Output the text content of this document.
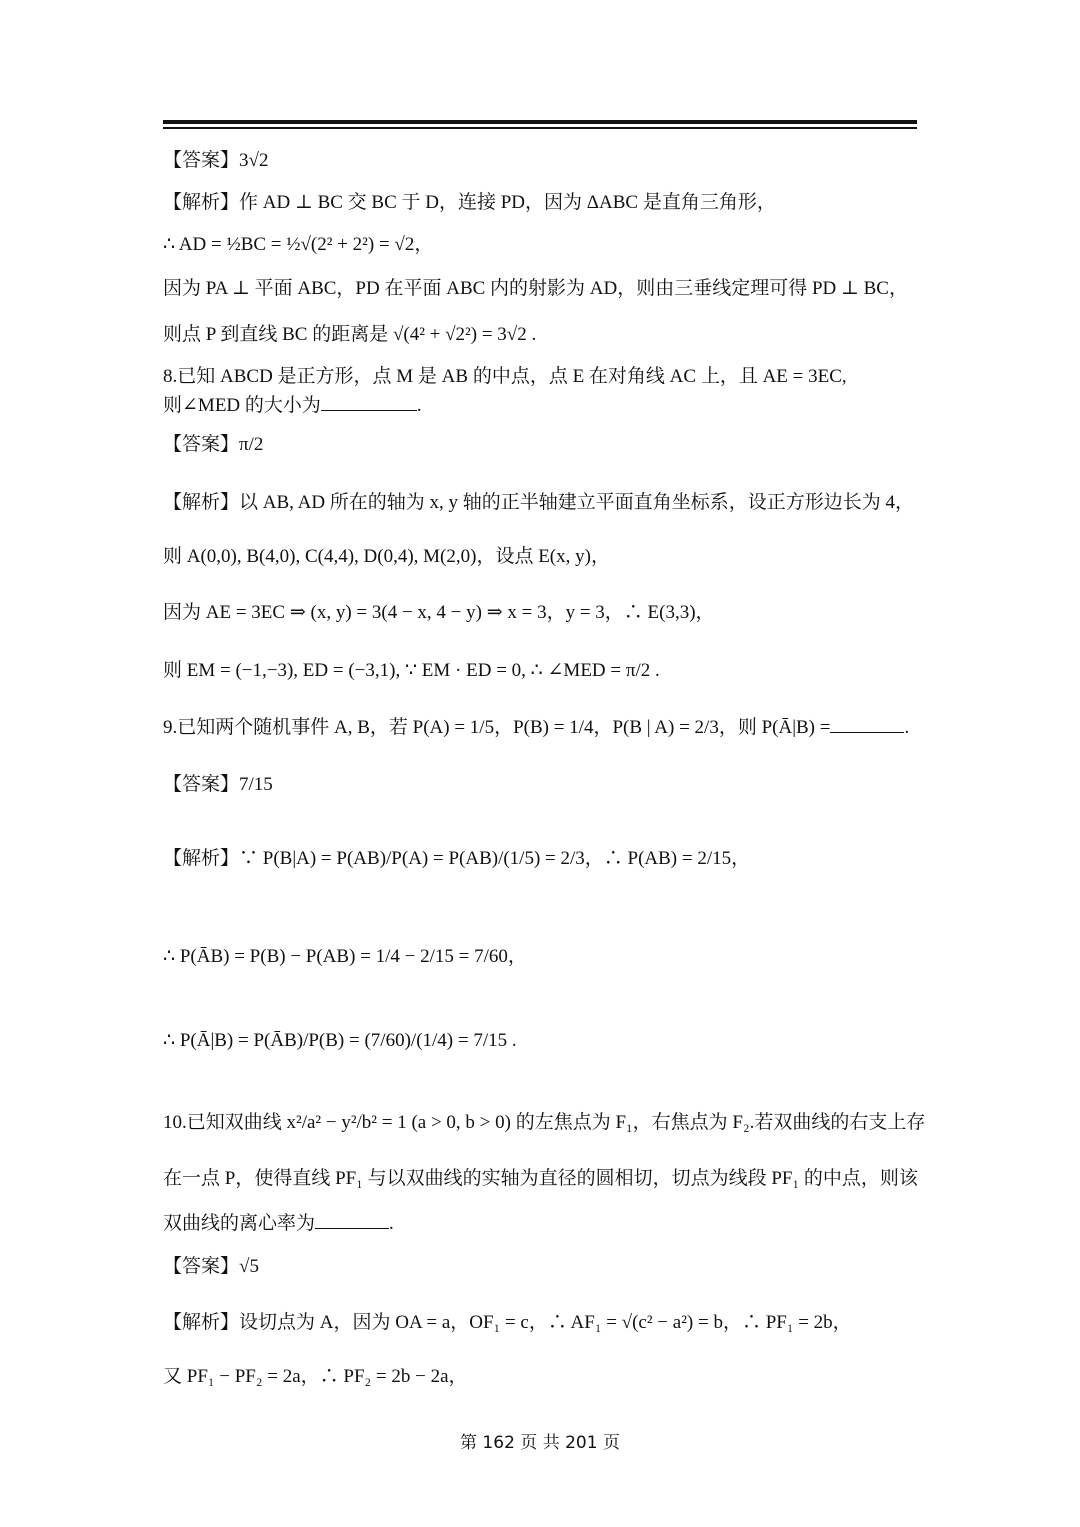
【答案】3√2
【解析】作 AD ⊥ BC 交 BC 于 D，连接 PD，因为 ΔABC 是直角三角形，
∴ AD = ½BC = ½√(2² + 2²) = √2，
因为 PA ⊥ 平面 ABC，PD 在平面 ABC 内的射影为 AD，则由三垂线定理可得 PD ⊥ BC，
则点 P 到直线 BC 的距离是 √(4² + √2²) = 3√2 .
8.已知 ABCD 是正方形，点 M 是 AB 的中点，点 E 在对角线 AC 上，且 AE = 3EC,
则∠MED 的大小为	.
【答案】π/2
【解析】以 AB, AD 所在的轴为 x, y 轴的正半轴建立平面直角坐标系，设正方形边长为 4，
则 A(0,0), B(4,0), C(4,4), D(0,4), M(2,0)，设点 E(x, y)，
因为 AE = 3EC ⇒ (x, y) = 3(4 − x, 4 − y) ⇒ x = 3，y = 3，∴ E(3,3)，
则 EM = (−1,−3), ED = (−3,1), ∵ EM · ED = 0, ∴ ∠MED = π/2 .
9.已知两个随机事件 A, B，若 P(A) = 1/5，P(B) = 1/4，P(B | A) = 2/3，则 P(Ā|B) =	.
【答案】7/15
【解析】∵ P(B|A) = P(AB)/P(A) = P(AB)/(1/5) = 2/3，∴ P(AB) = 2/15，
∴ P(ĀB) = P(B) − P(AB) = 1/4 − 2/15 = 7/60，
∴ P(Ā|B) = P(ĀB)/P(B) = (7/60)/(1/4) = 7/15 .
10.已知双曲线 x²/a² − y²/b² = 1 (a > 0, b > 0) 的左焦点为 F₁，右焦点为 F₂.若双曲线的右支上存
在一点 P，使得直线 PF₁ 与以双曲线的实轴为直径的圆相切，切点为线段 PF₁ 的中点，则该
双曲线的离心率为	.
【答案】√5
【解析】设切点为 A，因为 OA = a，OF₁ = c，∴ AF₁ = √(c² − a²) = b，∴ PF₁ = 2b，
又 PF₁ − PF₂ = 2a，∴ PF₂ = 2b − 2a，
第 162 页 共 201 页
